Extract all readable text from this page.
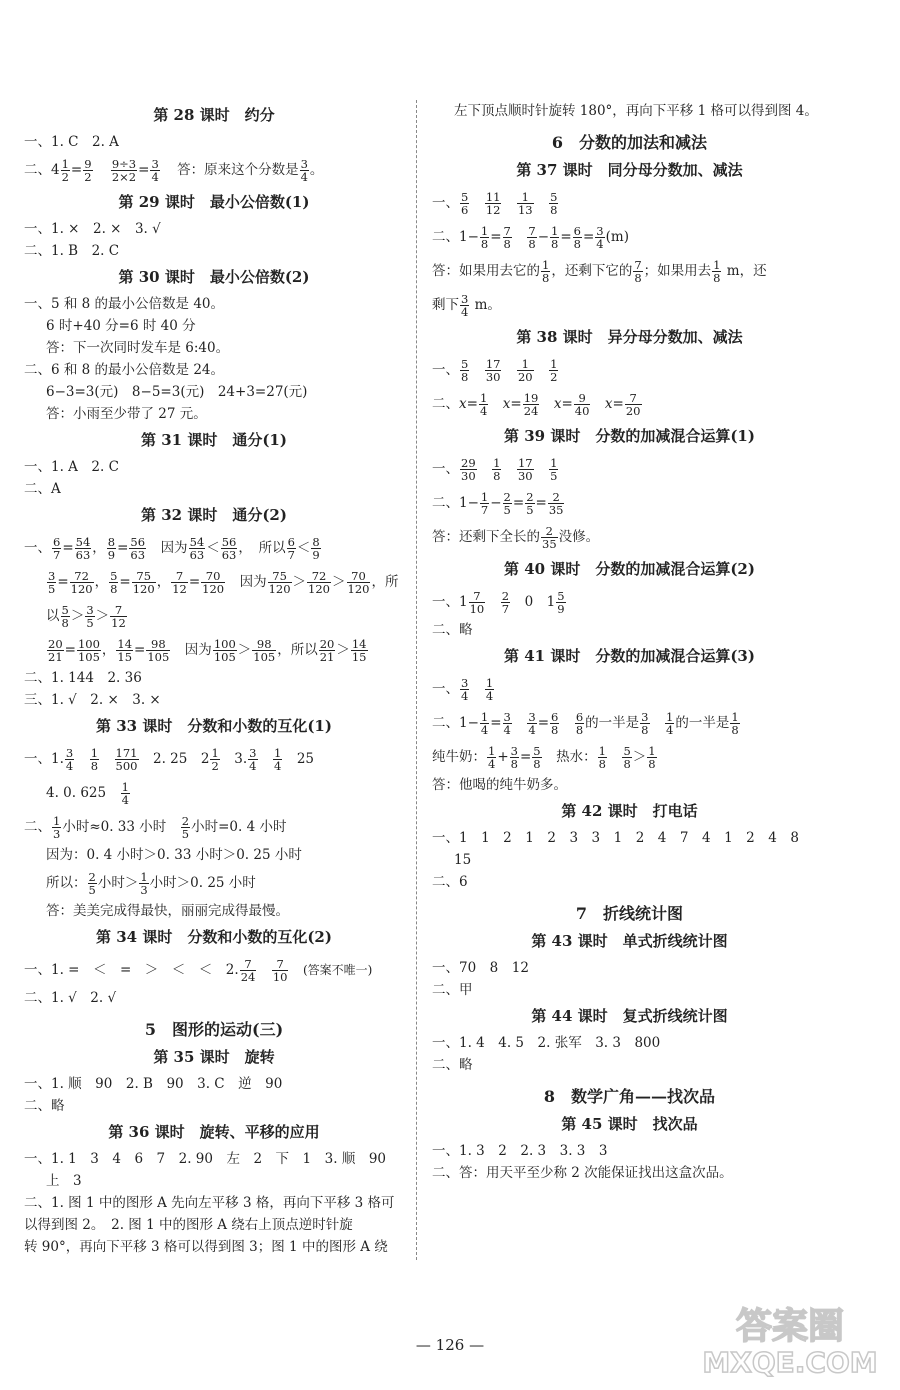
第 28 课时　约分
一、1. C　2. A
二、$4 \frac{1}{2} = \frac{9}{2}$
$\frac{9\div 3}{2\times 2} = \frac{3}{4}$ 答：原来这个分数是 $\frac{3}{4}$ 。
第 29 课时　最小公倍数(1)
一、1. ×　2. ×　3. √
二、1. B　2. C
第 30 课时　最小公倍数(2)
一、5 和 8 的最小公倍数是 40。
6 时+40 分=6 时 40 分
答：下一次同时发车是 6:40。
二、6 和 8 的最小公倍数是 24。
6−3=3(元)　8−5=3(元)　24+3=27(元)
答：小雨至少带了 27 元。
第 31 课时　通分(1)
一、1. A　2. C
二、A
第 32 课时　通分(2)
一、 $\frac{6}{7} = \frac{54}{63}$ ， $\frac{8}{9} = \frac{56}{63}$
　 因为 $\frac{54}{63} < \frac{56}{63}$ ，　所以 $\frac{6}{7} < \frac{8}{9}$
$\frac{3}{5} = \frac{72}{120}$ ， $\frac{5}{8} = \frac{75}{120}$ ， $\frac{7}{12} = \frac{70}{120}$ 　因为 $\frac{75}{120} > \frac{72}{120} > \frac{70}{120}$ ，所
以 $\frac{5}{8} > \frac{3}{5} > \frac{7}{12}$
$\frac{20}{21} = \frac{100}{105}$ ， $\frac{14}{15} = \frac{98}{105}$ 　因为 $\frac{100}{105} > \frac{98}{105}$ ，所以 $\frac{20}{21} > \frac{14}{15}$
二、1. 144　2. 36
三、1. √　2. ×　3. ×
第 33 课时　分数和小数的互化(1)
一、1. $\frac{3}{4}$
　 $\frac{1}{8}$
　 $\frac{171}{500}$
　 2. 25　$2 \frac{1}{2}$
　 3. $\frac{3}{4}$
　 $\frac{1}{4}$
　 25
4. 0. 625　 $\frac{1}{4}$
二、 $\frac{1}{3}$ 小时≈0. 33 小时　 $\frac{2}{5}$ 小时=0. 4 小时
因为：0. 4 小时＞0. 33 小时＞0. 25 小时
所以： $\frac{2}{5}$ 小时＞ $\frac{1}{3}$ 小时＞0. 25 小时
答：美美完成得最快，丽丽完成得最慢。
第 34 课时　分数和小数的互化(2)
一、1. =　＜　=　＞　＜　＜　2. $\frac{7}{24}$
　 $\frac{7}{10}$
　 (答案不唯一)
二、1. √　2. √
5　图形的运动(三)
第 35 课时　旋转
一、1. 顺　90　2. B　90　3. C　逆　90
二、略
第 36 课时　旋转、平移的应用
一、1. 1　3　4　6　7　2. 90　左　2　下　1　3. 顺　90
上　3
二、1. 图 1 中的图形 A 先向左平移 3 格，再向下平移 3 格可
以得到图 2。　2. 图 1 中的图形 A 绕右上顶点逆时针旋
转 90°，再向下平移 3 格可以得到图 3；图 1 中的图形 A 绕
左下顶点顺时针旋转 180°，再向下平移 1 格可以得到图 4。
6　分数的加法和减法
第 37 课时　同分母分数加、减法
一、 $\frac{5}{6}$
　 $\frac{11}{12}$
　 $\frac{1}{13}$
　 $\frac{5}{8}$
二、$1- \frac{1}{8} = \frac{7}{8}$
　 $\frac{7}{8} - \frac{1}{8} = \frac{6}{8} = \frac{3}{4} (m)$
答：如果用去它的 $\frac{1}{8}$ ，还剩下它的 $\frac{7}{8}$ ；如果用去 $\frac{1}{8}$ m，还
剩下 $\frac{3}{4}$ m。
第 38 课时　异分母分数加、减法
一、 $\frac{5}{8}$
　 $\frac{17}{30}$
　 $\frac{1}{20}$
　 $\frac{1}{2}$
二、$x= \frac{1}{4}$
　 $x= \frac{19}{24}$
　 $x= \frac{9}{40}$
　 $x= \frac{7}{20}$
第 39 课时　分数的加减混合运算(1)
一、 $\frac{29}{30}$
　 $\frac{1}{8}$
　 $\frac{17}{30}$
　 $\frac{1}{5}$
二、$1- \frac{1}{7} - \frac{2}{5} = \frac{2}{5} = \frac{2}{35}$
答：还剩下全长的 $\frac{2}{35}$ 没修。
第 40 课时　分数的加减混合运算(2)
一、$1 \frac{7}{10}$
　 $\frac{2}{7}$
　 0　$1 \frac{5}{9}$
二、略
第 41 课时　分数的加减混合运算(3)
一、 $\frac{3}{4}$
　 $\frac{1}{4}$
二、$1- \frac{1}{4} = \frac{3}{4}$
　 $\frac{3}{4} = \frac{6}{8}$
　 $\frac{6}{8}$ 的一半是 $\frac{3}{8}$
　 $\frac{1}{4}$ 的一半是 $\frac{1}{8}$
纯牛奶： $\frac{1}{4} + \frac{3}{8} = \frac{5}{8}$
　 热水： $\frac{1}{8}$
　 $\frac{5}{8} > \frac{1}{8}$
答：他喝的纯牛奶多。
第 42 课时　打电话
一、1　1　2　1　2　3　3　1　2　4　7　4　1　2　4　8
15
二、6
7　折线统计图
第 43 课时　单式折线统计图
一、70　8　12
二、甲
第 44 课时　复式折线统计图
一、1. 4　4. 5　2. 张军　3. 3　800
二、略
8　数学广角——找次品
第 45 课时　找次品
一、1. 3　2　2. 3　3. 3　3
二、答：用天平至少称 2 次能保证找出这盒次品。
— 126 —	答案圈
MXQE.COM
